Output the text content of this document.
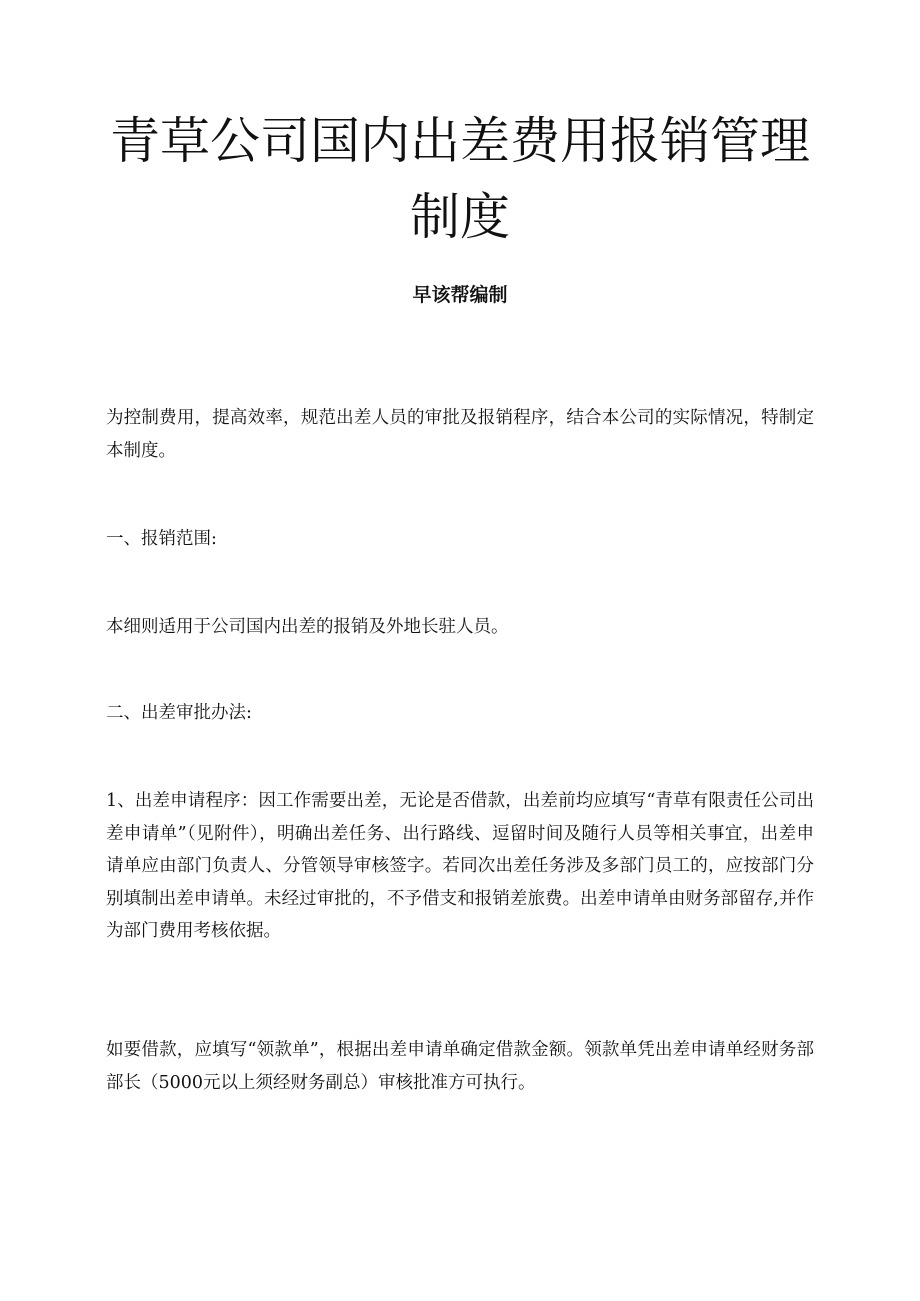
青草公司国内出差费用报销管理
制度
早该帮编制

为控制费用，提高效率，规范出差人员的审批及报销程序，结合本公司的实际情况，特制定本制度。

一、报销范围:

本细则适用于公司国内出差的报销及外地长驻人员。

二、出差审批办法:

1、出差申请程序：因工作需要出差，无论是否借款，出差前均应填写“青草有限责任公司出差申请单”（见附件），明确出差任务、出行路线、逗留时间及随行人员等相关事宜，出差申请单应由部门负责人、分管领导审核签字。若同次出差任务涉及多部门员工的，应按部门分别填制出差申请单。未经过审批的，不予借支和报销差旅费。出差申请单由财务部留存,并作为部门费用考核依据。

如要借款，应填写“领款单”，根据出差申请单确定借款金额。领款单凭出差申请单经财务部部长（5000元以上须经财务副总）审核批准方可执行。
